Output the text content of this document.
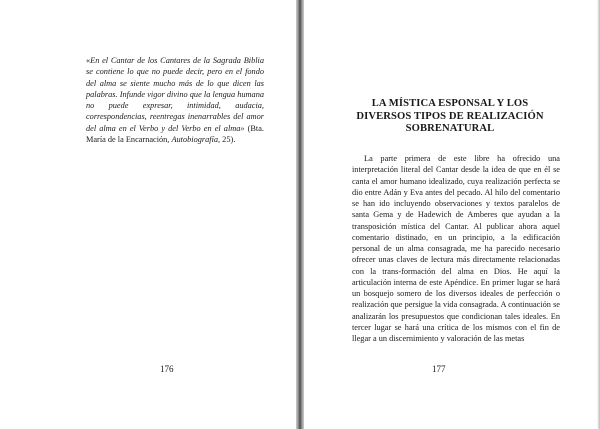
«En el Cantar de los Cantares de la Sagrada Biblia se contiene lo que no puede decir, pero en el fondo del alma se siente mucho más de lo que dicen las palabras. Infunde vigor divino que la lengua humana no puede expresar, intimidad, audacia, correspondencias, reentregas inenarrables del amor del alma en el Verbo y del Verbo en el alma» (Bta. María de la Encarnación, Autobiografía, 25).
176
LA MÍSTICA ESPONSAL Y LOS DIVERSOS TIPOS DE REALIZACIÓN SOBRENATURAL
La parte primera de este libre ha ofrecido una interpretación literal del Cantar desde la idea de que en él se canta el amor humano idealizado, cuya realización perfecta se dio entre Adán y Eva antes del pecado. Al hilo del comentario se han ido incluyendo observaciones y textos paralelos de santa Gema y de Hadewich de Amberes que ayudan a la transposición mística del Cantar. Al publicar ahora aquel comentario distinado, en un principio, a la edificación personal de un alma consagrada, me ha parecido necesario ofrecer unas claves de lectura más directamente relacionadas con la trans-formación del alma en Dios. He aquí la articulación interna de este Apéndice. En primer lugar se hará un bosquejo somero de los diversos ideales de perfección o realización que persigue la vida consagrada. A continuación se analizarán los presupuestos que condicionan tales ideales. En tercer lugar se hará una crítica de los mismos con el fin de llegar a un discernimiento y valoración de las metas
177
